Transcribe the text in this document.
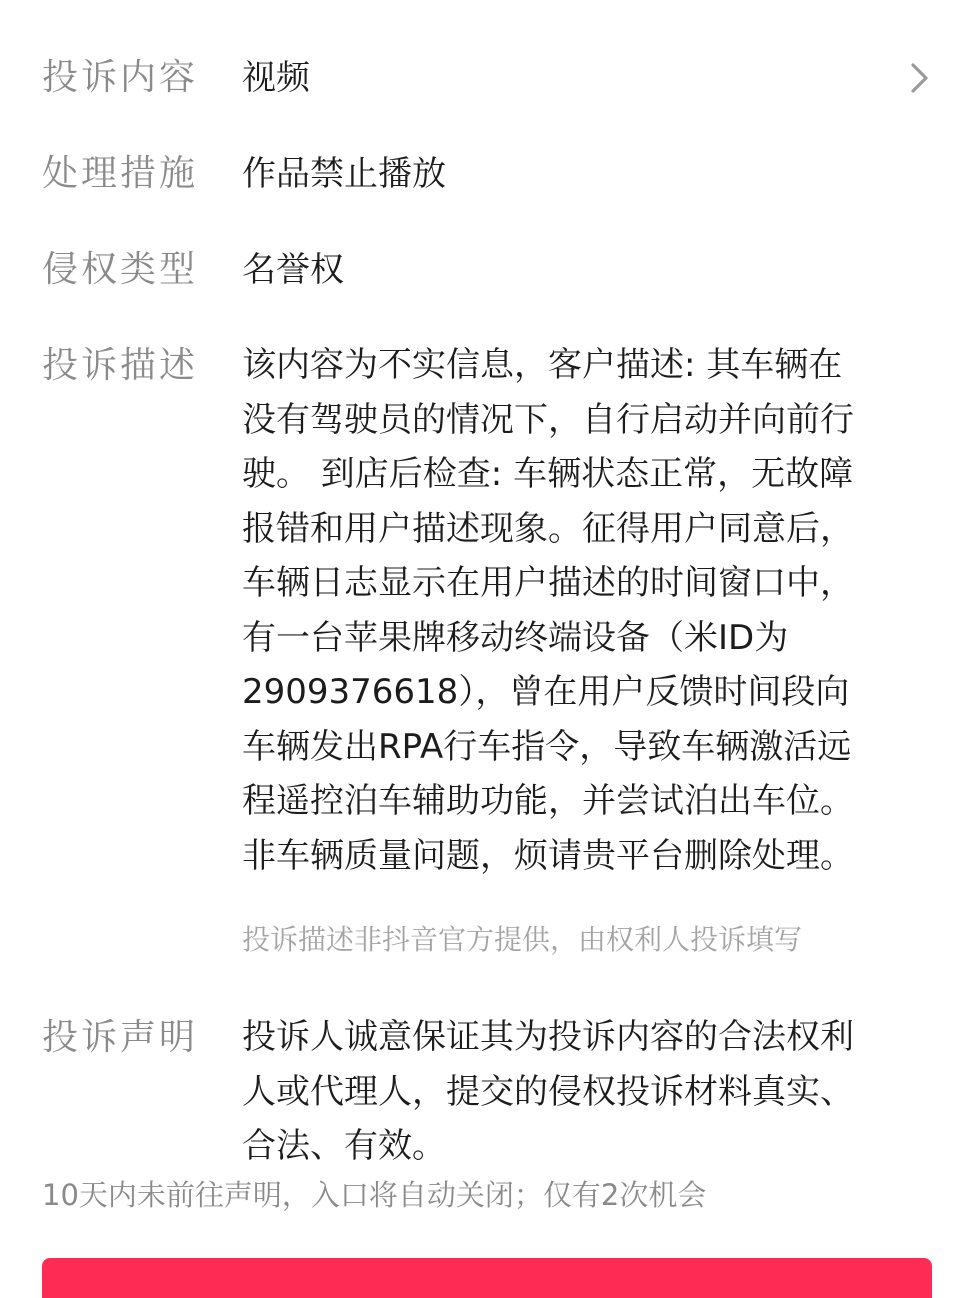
投诉内容 视频
处理措施 作品禁止播放
侵权类型 名誉权
投诉描述 该内容为不实信息，客户描述: 其车辆在
没有驾驶员的情况下，自行启动并向前行
驶。 到店后检查: 车辆状态正常，无故障
报错和用户描述现象。征得用户同意后，
车辆日志显示在用户描述的时间窗口中，
有一台苹果牌移动终端设备（米ID为
2909376618），曾在用户反馈时间段向
车辆发出RPA行车指令，导致车辆激活远
程遥控泊车辅助功能，并尝试泊出车位。
非车辆质量问题，烦请贵平台删除处理。
投诉描述非抖音官方提供，由权利人投诉填写
投诉声明 投诉人诚意保证其为投诉内容的合法权利
人或代理人，提交的侵权投诉材料真实、
合法、有效。
10天内未前往声明，入口将自动关闭；仅有2次机会
